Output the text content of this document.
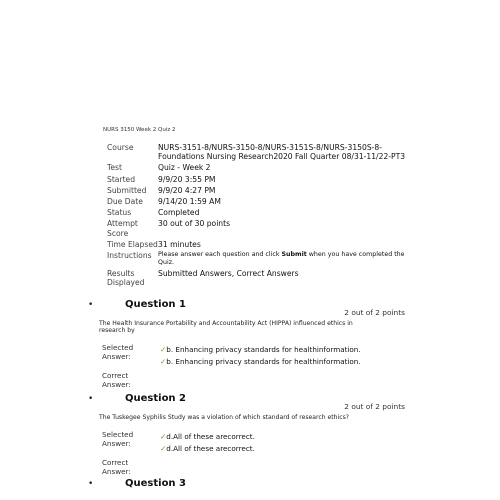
NURS 3150 Week 2 Quiz 2
Course	NURS-3151-8/NURS-3150-8/NURS-3151S-8/NURS-3150S-8-Foundations Nursing Research2020 Fall Quarter 08/31-11/22-PT3
Test	Quiz - Week 2
Started	9/9/20 3:55 PM
Submitted	9/9/20 4:27 PM
Due Date	9/14/20 1:59 AM
Status	Completed
Attempt Score	30 out of 30 points
Time Elapsed	31 minutes
Instructions	Please answer each question and click Submit when you have completed the Quiz.
Results Displayed	Submitted Answers, Correct Answers
•	Question 1
2 out of 2 points
The Health Insurance Portability and Accountability Act (HIPPA) influenced ethics in research by
Selected Answer:
✓b. Enhancing privacy standards for healthinformation.
✓b. Enhancing privacy standards for healthinformation.
Correct Answer:
•	Question 2
2 out of 2 points
The Tuskegee Syphilis Study was a violation of which standard of research ethics?
Selected Answer:
✓d.All of these arecorrect.
✓d.All of these arecorrect.
Correct Answer:
•	Question 3
